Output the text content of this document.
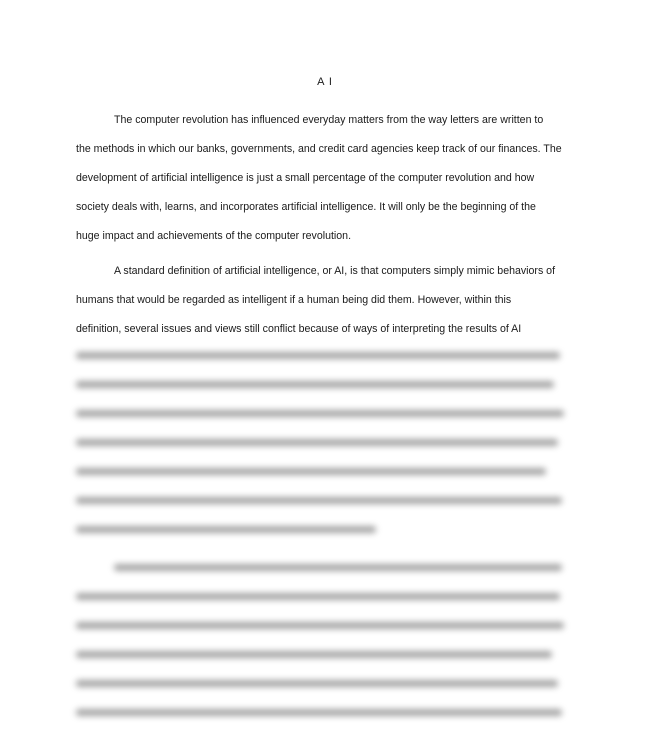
A I
The computer revolution has influenced everyday matters from the way letters are written to
the methods in which our banks, governments, and credit card agencies keep track of our finances. The
development of artificial intelligence is just a small percentage of the computer revolution and how
society deals with, learns, and incorporates artificial intelligence. It will only be the beginning of the
huge impact and achievements of the computer revolution.
A standard definition of artificial intelligence, or AI, is that computers simply mimic behaviors of
humans that would be regarded as intelligent if a human being did them. However, within this
definition, several issues and views still conflict because of ways of interpreting the results of AI
